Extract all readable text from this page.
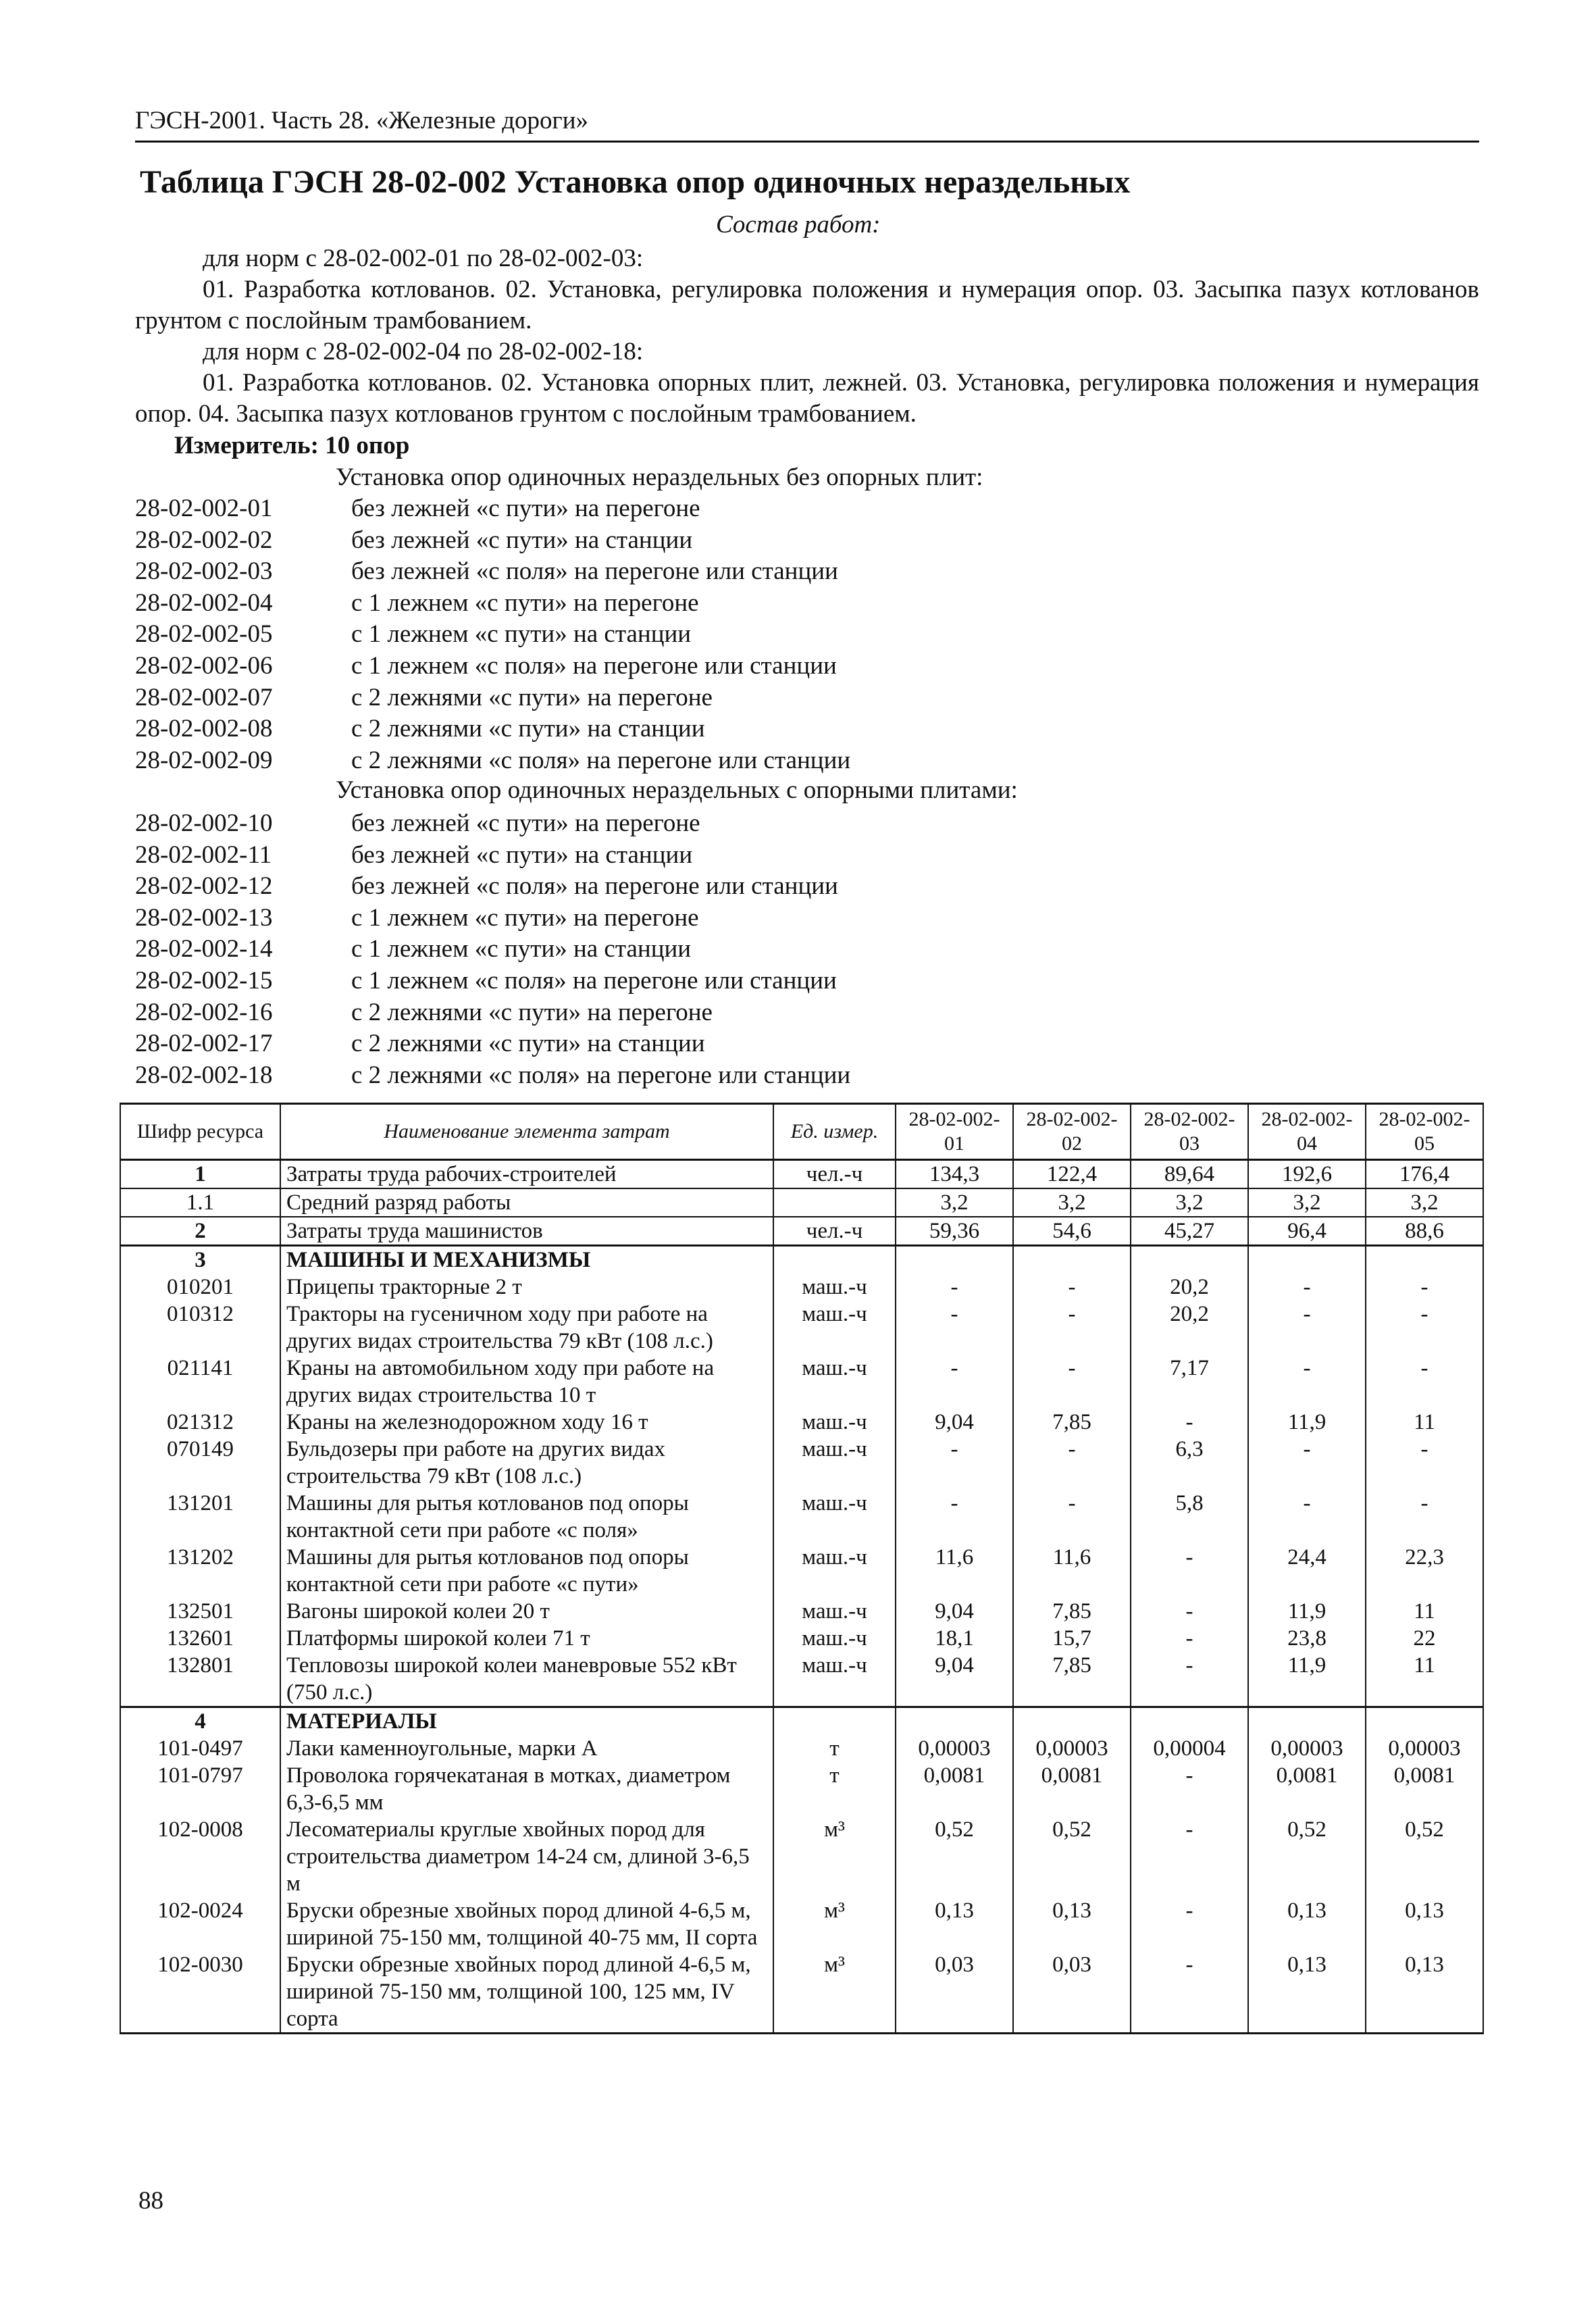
ГЭСН-2001. Часть 28. «Железные дороги»
Таблица ГЭСН 28-02-002 Установка опор одиночных нераздельных
Состав работ:
для норм с 28-02-002-01 по 28-02-002-03:
01. Разработка котлованов. 02. Установка, регулировка положения и нумерация опор. 03. Засыпка пазух котлованов грунтом с послойным трамбованием.
для норм с 28-02-002-04 по 28-02-002-18:
01. Разработка котлованов. 02. Установка опорных плит, лежней. 03. Установка, регулировка положения и нумерация опор. 04. Засыпка пазух котлованов грунтом с послойным трамбованием.
Измеритель: 10 опор
Установка опор одиночных нераздельных без опорных плит:
Установка опор одиночных нераздельных с опорными плитами:
28-02-002-01	без лежней «с пути» на перегоне
28-02-002-02	без лежней «с пути» на станции
28-02-002-03	без лежней «с поля» на перегоне или станции
28-02-002-04	с 1 лежнем «с пути» на перегоне
28-02-002-05	с 1 лежнем «с пути» на станции
28-02-002-06	с 1 лежнем «с поля» на перегоне или станции
28-02-002-07	с 2 лежнями «с пути» на перегоне
28-02-002-08	с 2 лежнями «с пути» на станции
28-02-002-09	с 2 лежнями «с поля» на перегоне или станции
28-02-002-10	без лежней «с пути» на перегоне
28-02-002-11	без лежней «с пути» на станции
28-02-002-12	без лежней «с поля» на перегоне или станции
28-02-002-13	с 1 лежнем «с пути» на перегоне
28-02-002-14	с 1 лежнем «с пути» на станции
28-02-002-15	с 1 лежнем «с поля» на перегоне или станции
28-02-002-16	с 2 лежнями «с пути» на перегоне
28-02-002-17	с 2 лежнями «с пути» на станции
28-02-002-18	с 2 лежнями «с поля» на перегоне или станции
Шифр ресурса	Наименование элемента затрат	Ед. измер.	28-02-002-01	28-02-002-02	28-02-002-03	28-02-002-04	28-02-002-05
1	Затраты труда рабочих-строителей	чел.-ч	134,3	122,4	89,64	192,6	176,4
1.1	Средний разряд работы		3,2	3,2	3,2	3,2	3,2
2	Затраты труда машинистов	чел.-ч	59,36	54,6	45,27	96,4	88,6
3	МАШИНЫ И МЕХАНИЗМЫ						
010201	Прицепы тракторные 2 т	маш.-ч	-	-	20,2	-	-
010312	Тракторы на гусеничном ходу при работе на других видах строительства 79 кВт (108 л.с.)	маш.-ч	-	-	20,2	-	-
021141	Краны на автомобильном ходу при работе на других видах строительства 10 т	маш.-ч	-	-	7,17	-	-
021312	Краны на железнодорожном ходу 16 т	маш.-ч	9,04	7,85	-	11,9	11
070149	Бульдозеры при работе на других видах строительства 79 кВт (108 л.с.)	маш.-ч	-	-	6,3	-	-
131201	Машины для рытья котлованов под опоры контактной сети при работе «с поля»	маш.-ч	-	-	5,8	-	-
131202	Машины для рытья котлованов под опоры контактной сети при работе «с пути»	маш.-ч	11,6	11,6	-	24,4	22,3
132501	Вагоны широкой колеи 20 т	маш.-ч	9,04	7,85	-	11,9	11
132601	Платформы широкой колеи 71 т	маш.-ч	18,1	15,7	-	23,8	22
132801	Тепловозы широкой колеи маневровые 552 кВт (750 л.с.)	маш.-ч	9,04	7,85	-	11,9	11
4	МАТЕРИАЛЫ						
101-0497	Лаки каменноугольные, марки А	т	0,00003	0,00003	0,00004	0,00003	0,00003
101-0797	Проволока горячекатаная в мотках, диаметром 6,3-6,5 мм	т	0,0081	0,0081	-	0,0081	0,0081
102-0008	Лесоматериалы круглые хвойных пород для строительства диаметром 14-24 см, длиной 3-6,5 м	м³	0,52	0,52	-	0,52	0,52
102-0024	Бруски обрезные хвойных пород длиной 4-6,5 м, шириной 75-150 мм, толщиной 40-75 мм, II сорта	м³	0,13	0,13	-	0,13	0,13
102-0030	Бруски обрезные хвойных пород длиной 4-6,5 м, шириной 75-150 мм, толщиной 100, 125 мм, IV сорта	м³	0,03	0,03	-	0,13	0,13
88
